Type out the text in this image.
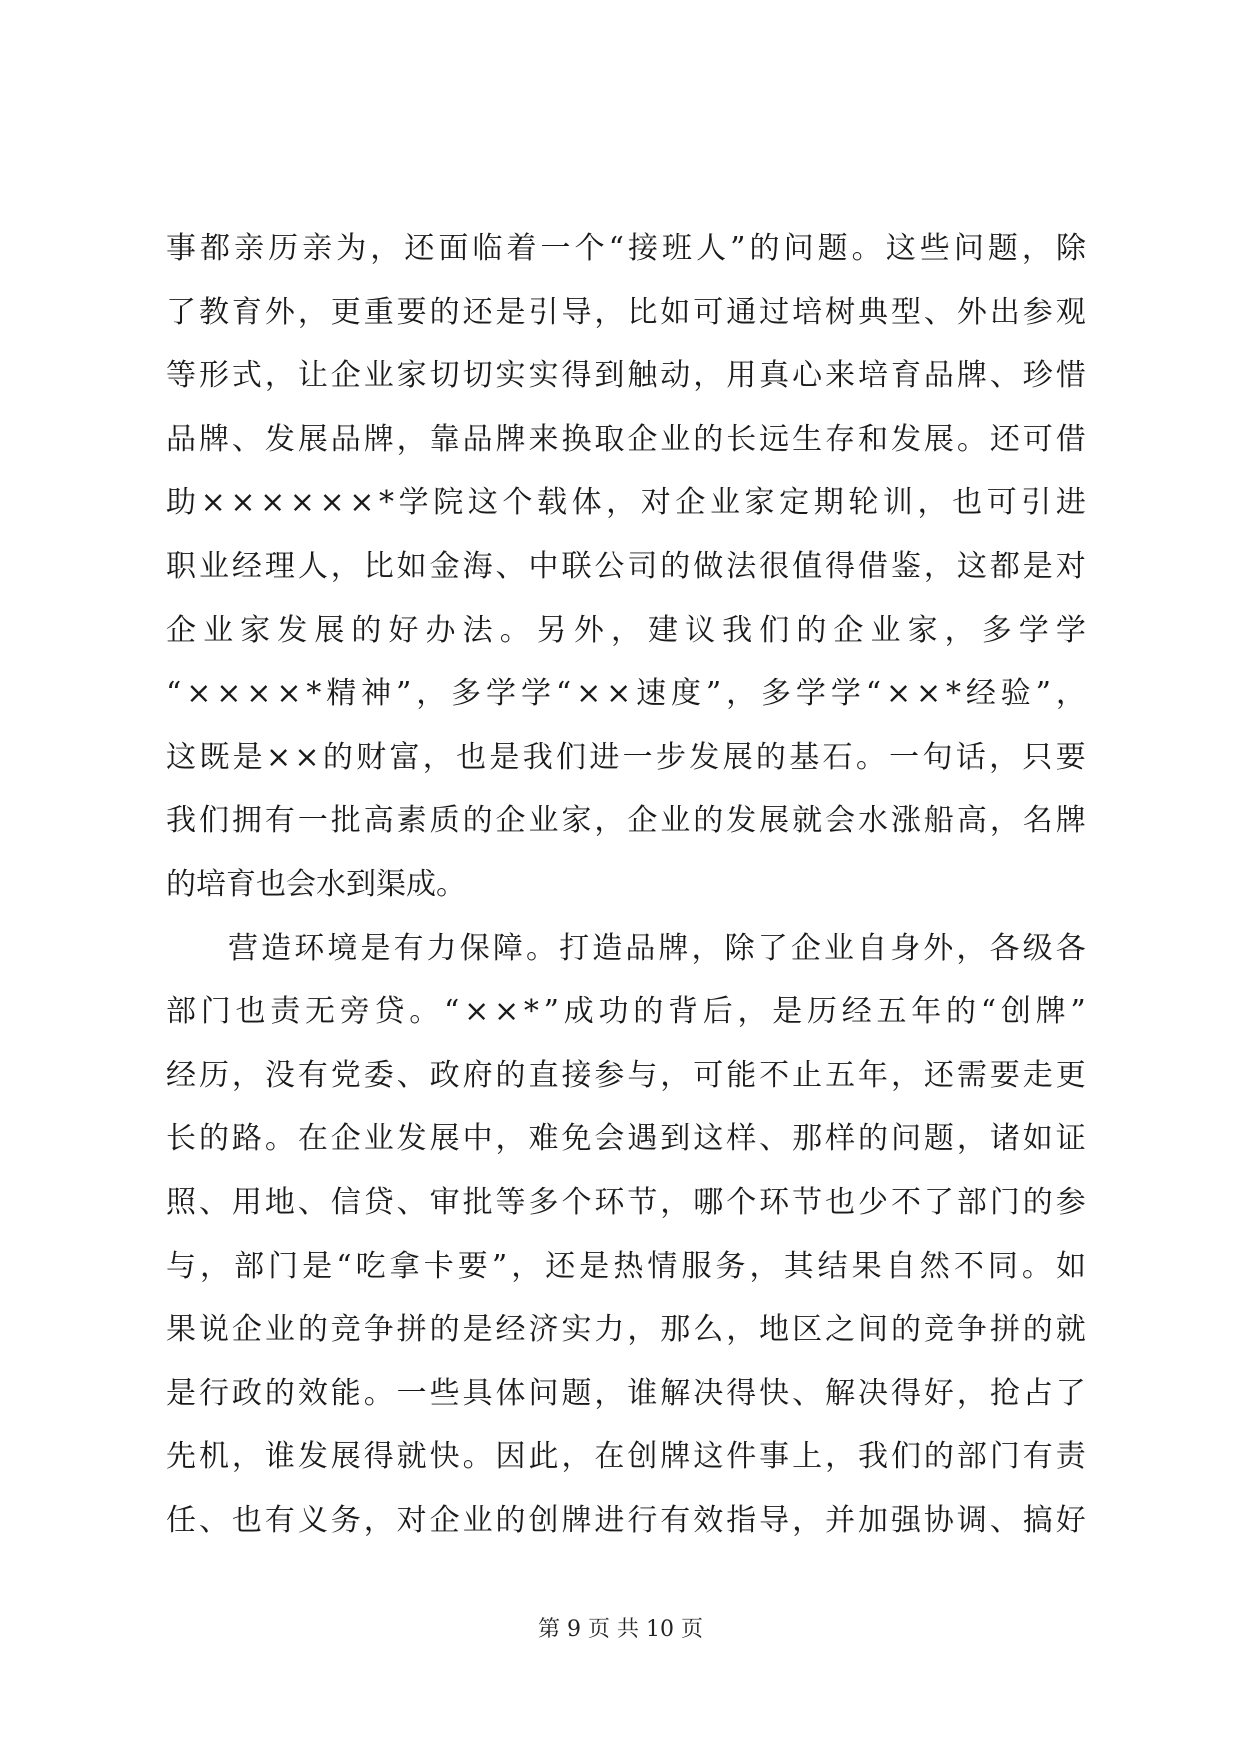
事 都 亲 历 亲 为 ， 还 面 临 着 一 个 “ 接 班 人 ” 的 问 题 。 这 些 问 题 ， 除
了 教 育 外 ， 更 重 要 的 还 是 引 导 ， 比 如 可 通 过 培 树 典 型 、 外 出 参 观
等 形 式 ， 让 企 业 家 切 切 实 实 得 到 触 动 ， 用 真 心 来 培 育 品 牌 、 珍 惜
品 牌 、 发 展 品 牌 ， 靠 品 牌 来 换 取 企 业 的 长 远 生 存 和 发 展 。 还 可 借
助 × × × × × × * 学 院 这 个 载 体 ， 对 企 业 家 定 期 轮 训 ， 也 可 引 进
职 业 经 理 人 ， 比 如 金 海 、 中 联 公 司 的 做 法 很 值 得 借 鉴 ， 这 都 是 对
企 业 家 发 展 的 好 办 法 。 另 外 ， 建 议 我 们 的 企 业 家 ， 多 学 学
“ × × × × * 精 神 ” ， 多 学 学 “ × × 速 度 ” ， 多 学 学 “ × × * 经 验 ” ，
这 既 是 × × 的 财 富 ， 也 是 我 们 进 一 步 发 展 的 基 石 。 一 句 话 ， 只 要
我 们 拥 有 一 批 高 素 质 的 企 业 家 ， 企 业 的 发 展 就 会 水 涨 船 高 ， 名 牌
的 培 育 也 会 水 到 渠 成 。
营 造 环 境 是 有 力 保 障 。 打 造 品 牌 ， 除 了 企 业 自 身 外 ， 各 级 各
部 门 也 责 无 旁 贷 。 “ × × * ” 成 功 的 背 后 ， 是 历 经 五 年 的 “ 创 牌 ”
经 历 ， 没 有 党 委 、 政 府 的 直 接 参 与 ， 可 能 不 止 五 年 ， 还 需 要 走 更
长 的 路 。 在 企 业 发 展 中 ， 难 免 会 遇 到 这 样 、 那 样 的 问 题 ， 诸 如 证
照 、 用 地 、 信 贷 、 审 批 等 多 个 环 节 ， 哪 个 环 节 也 少 不 了 部 门 的 参
与 ， 部 门 是 “ 吃 拿 卡 要 ” ， 还 是 热 情 服 务 ， 其 结 果 自 然 不 同 。 如
果 说 企 业 的 竞 争 拼 的 是 经 济 实 力 ， 那 么 ， 地 区 之 间 的 竞 争 拼 的 就
是 行 政 的 效 能 。 一 些 具 体 问 题 ， 谁 解 决 得 快 、 解 决 得 好 ， 抢 占 了
先 机 ， 谁 发 展 得 就 快 。 因 此 ， 在 创 牌 这 件 事 上 ， 我 们 的 部 门 有 责
任 、 也 有 义 务 ， 对 企 业 的 创 牌 进 行 有 效 指 导 ， 并 加 强 协 调 、 搞 好
第 9 页 共 10 页
